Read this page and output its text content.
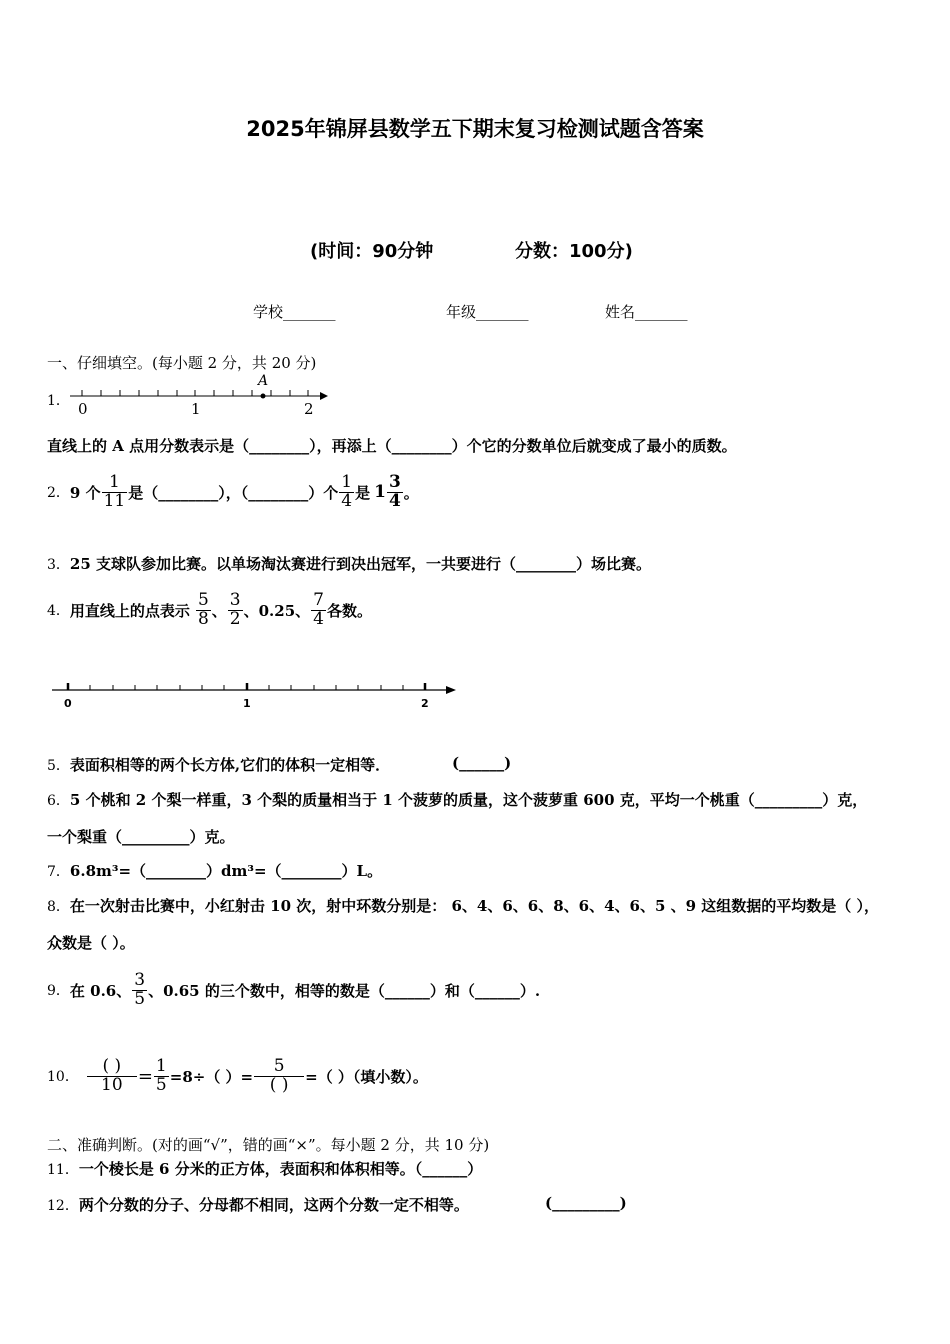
2025年锦屏县数学五下期末复习检测试题含答案
(时间：90分钟	分数：100分)
学校_______	年级_______	姓名_______
一、仔细填空。(每小题 2 分，共 20 分)
1．
A
0	1	2
直线上的 A 点用分数表示是（________），再添上（________）个它的分数单位后就变成了最小的质数。
2． 9 个 $\frac{1}{11}$ 是（________），（________）个 $\frac{1}{4}$ 是 $1 \frac{3}{4}$ 。
3．25 支球队参加比赛。以单场淘汰赛进行到决出冠军，一共要进行（________）场比赛。
4． 用直线上的点表示 $\frac{5}{8}$ 、 $\frac{3}{2}$ 、0.25、 $\frac{7}{4}$ 各数。
0	1	2
5．表面积相等的两个长方体,它们的体积一定相等．	(______)
6．5 个桃和 2 个梨一样重，3 个梨的质量相当于 1 个菠萝的质量，这个菠萝重 600 克，平均一个桃重（_________）克，
一个梨重（_________）克。
7．6.8m³=（________）dm³=（________）L。
8．在一次射击比赛中，小红射击 10 次，射中环数分别是： 6、4、6、6、8、6、4、6、5 、9 这组数据的平均数是（ ），
众数是（ ）。
9． 在 0.6、 $\frac{3}{5}$ 、0.65 的三个数中，相等的数是（______）和（______）.
10． $\frac{( )}{10} = \frac{1}{5} =8\div$（ ）= $\frac{5}{( )}$ =（ ）（填小数）。
二、准确判断。(对的画“√”，错的画“×”。每小题 2 分，共 10 分)
11．一个棱长是 6 分米的正方体，表面积和体积相等。（______）
12．两个分数的分子、分母都不相同，这两个分数一定不相等。	(_________)
